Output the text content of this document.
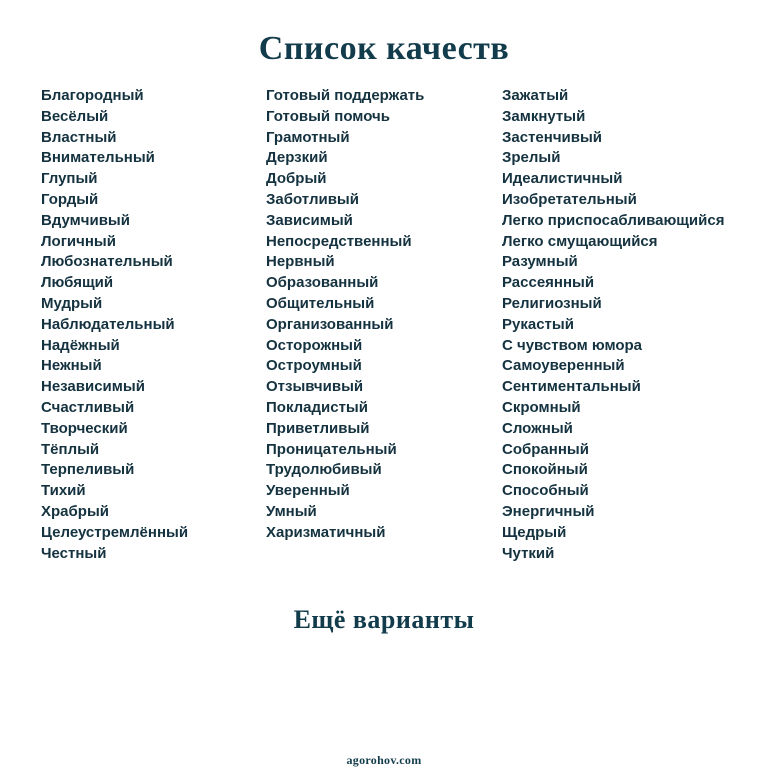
Список качеств
Благородный
Весёлый
Властный
Внимательный
Глупый
Гордый
Вдумчивый
Логичный
Любознательный
Любящий
Мудрый
Наблюдательный
Надёжный
Нежный
Независимый
Счастливый
Творческий
Тёплый
Терпеливый
Тихий
Храбрый
Целеустремлённый
Честный
Готовый поддержать
Готовый помочь
Грамотный
Дерзкий
Добрый
Заботливый
Зависимый
Непосредственный
Нервный
Образованный
Общительный
Организованный
Осторожный
Остроумный
Отзывчивый
Покладистый
Приветливый
Проницательный
Трудолюбивый
Уверенный
Умный
Харизматичный
Зажатый
Замкнутый
Застенчивый
Зрелый
Идеалистичный
Изобретательный
Легко приспосабливающийся
Легко смущающийся
Разумный
Рассеянный
Религиозный
Рукастый
С чувством юмора
Самоуверенный
Сентиментальный
Скромный
Сложный
Собранный
Спокойный
Способный
Энергичный
Щедрый
Чуткий
Ещё варианты
agorohov.com
